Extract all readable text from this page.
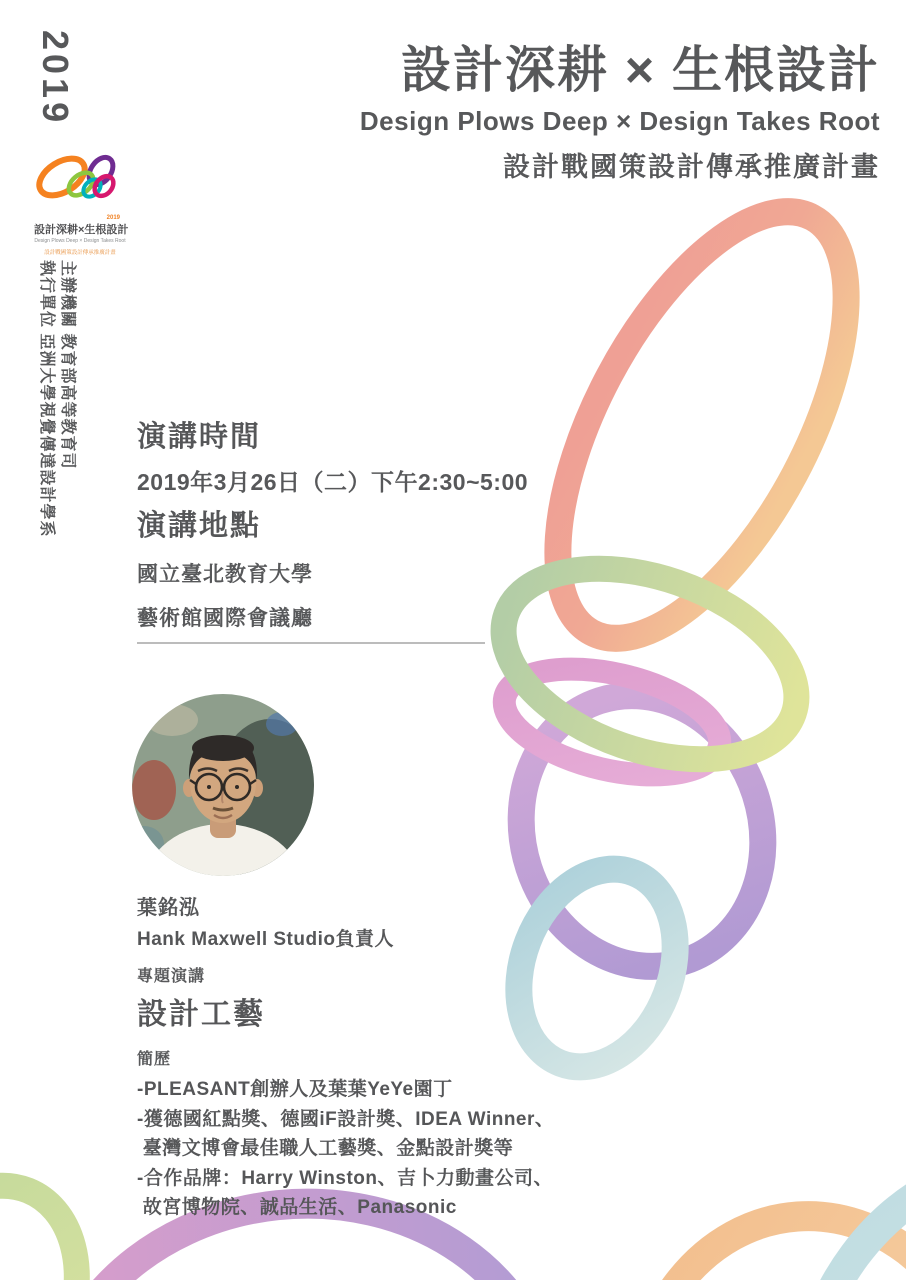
2019
2019
設計深耕×生根設計
Design Plows Deep × Design Takes Root
設計戰國策設計傳承推廣計畫
主辦機關 教育部高等教育司
執行單位 亞洲大學視覺傳達設計學系
設計深耕 × 生根設計
Design Plows Deep × Design Takes Root
設計戰國策設計傳承推廣計畫
演講時間
2019年3月26日（二）下午2:30~5:00
演講地點
國立臺北教育大學
藝術館國際會議廳
葉銘泓
Hank Maxwell Studio負責人
專題演講
設計工藝
簡歷
-PLEASANT創辦人及葉葉YeYe園丁
-獲德國紅點獎、德國iF設計獎、IDEA Winner、
臺灣文博會最佳職人工藝獎、金點設計獎等
-合作品牌：Harry Winston、吉卜力動畫公司、
故宮博物院、誠品生活、Panasonic
